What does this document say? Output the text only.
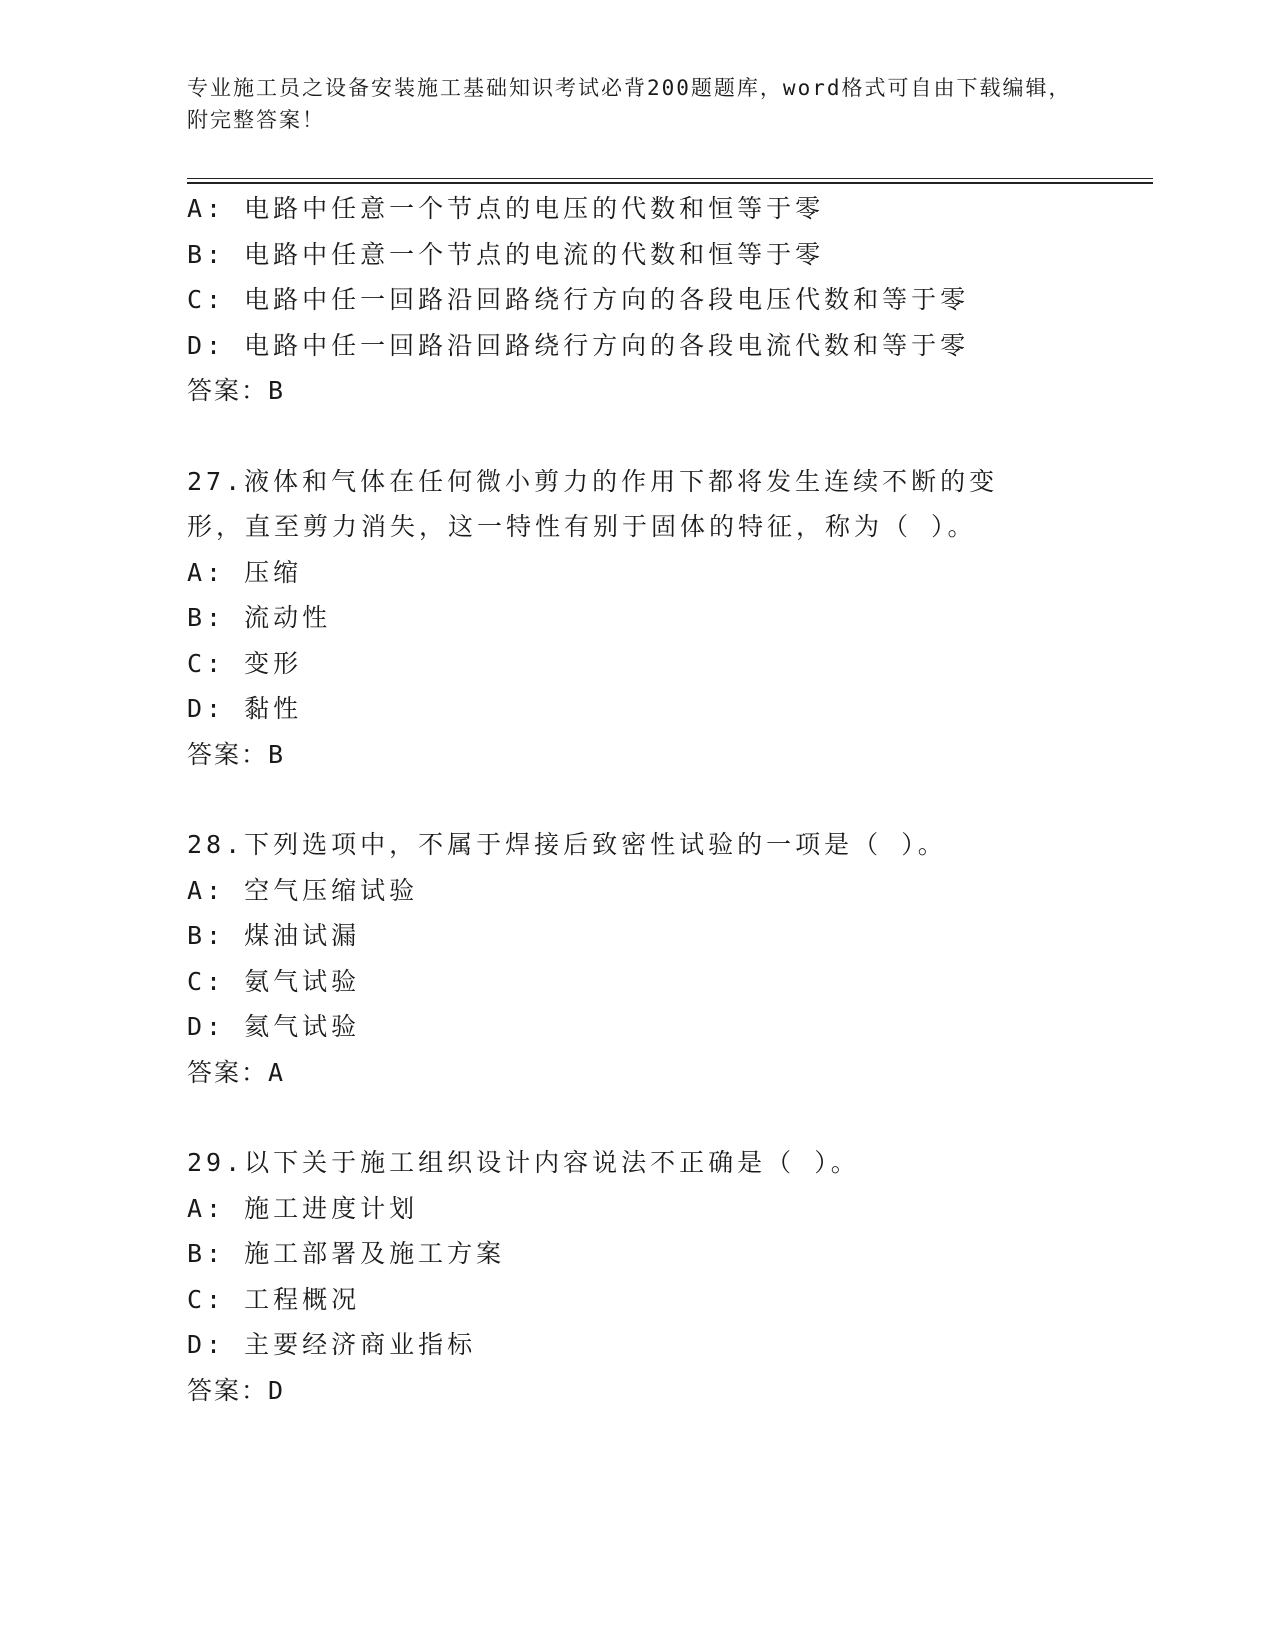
专业施工员之设备安装施工基础知识考试必背200题题库，word格式可自由下载编辑，附完整答案！
A: 电路中任意一个节点的电压的代数和恒等于零
B: 电路中任意一个节点的电流的代数和恒等于零
C: 电路中任一回路沿回路绕行方向的各段电压代数和等于零
D: 电路中任一回路沿回路绕行方向的各段电流代数和等于零
答案：B
27.液体和气体在任何微小剪力的作用下都将发生连续不断的变形，直至剪力消失，这一特性有别于固体的特征，称为（ ）。
A: 压缩
B: 流动性
C: 变形
D: 黏性
答案：B
28.下列选项中，不属于焊接后致密性试验的一项是（ ）。
A: 空气压缩试验
B: 煤油试漏
C: 氨气试验
D: 氦气试验
答案：A
29.以下关于施工组织设计内容说法不正确是（ ）。
A: 施工进度计划
B: 施工部署及施工方案
C: 工程概况
D: 主要经济商业指标
答案：D
